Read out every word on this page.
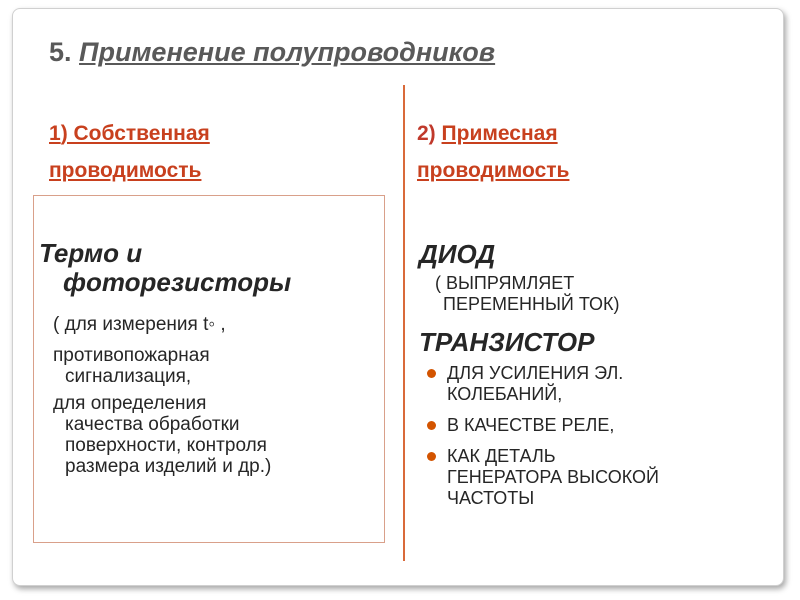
5. Применение полупроводников
1) Собственная
проводимость
2) Примесная
проводимость
Термо и
фоторезисторы

( для измерения t◦ ,

противопожарная

сигнализация,

для определения

качества обработки

поверхности, контроля

размера изделий и др.)

ДИОД
( ВЫПРЯМЛЯЕТ
ПЕРЕМЕННЫЙ ТОК)
ТРАНЗИСТОР
ДЛЯ УСИЛЕНИЯ ЭЛ.
КОЛЕБАНИЙ,
В КАЧЕСТВЕ РЕЛЕ,
КАК ДЕТАЛЬ
ГЕНЕРАТОРА ВЫСОКОЙ
ЧАСТОТЫ
